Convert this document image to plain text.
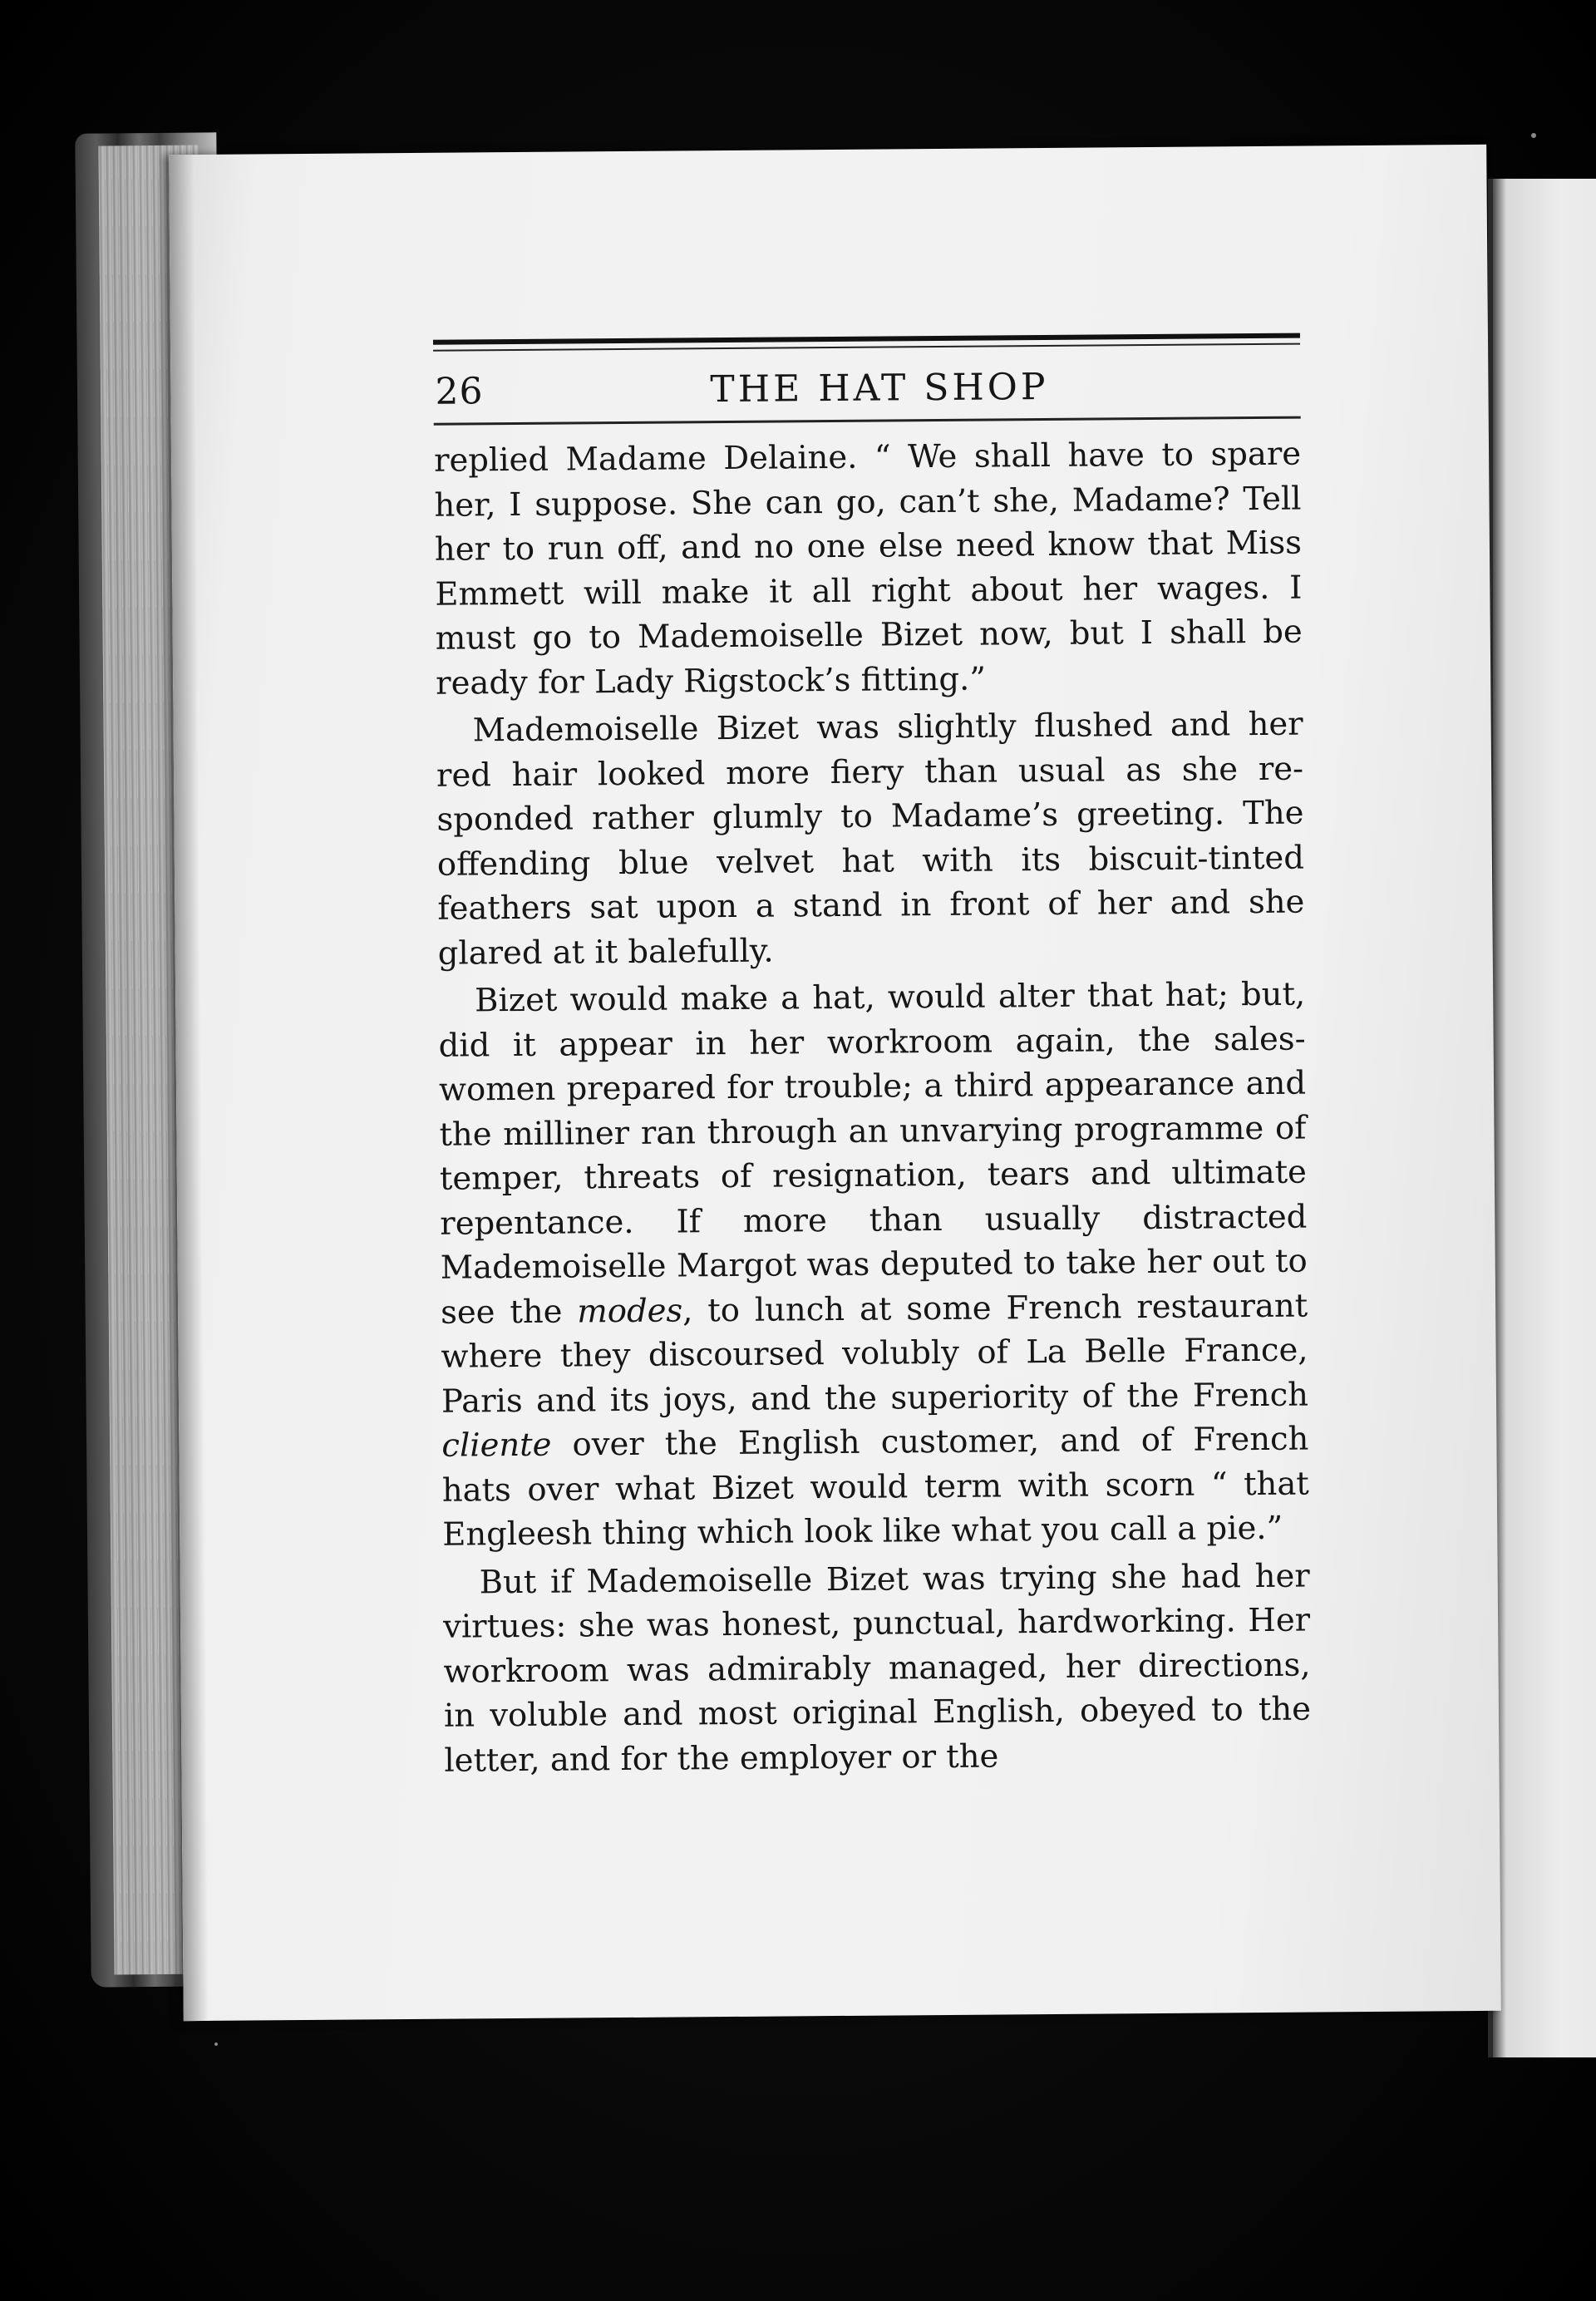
26	THE HAT SHOP

replied Madame Delaine. “ We shall have to spare her, I suppose. She can go, can’t she, Madame? Tell her to run off, and no one else need know that Miss Emmett will make it all right about her wages. I must go to Mademoiselle Bizet now, but I shall be ready for Lady Rigstock’s fitting.”

Mademoiselle Bizet was slightly flushed and her red hair looked more fiery than usual as she responded rather glumly to Madame’s greeting. The offending blue velvet hat with its biscuit-tinted feathers sat upon a stand in front of her and she glared at it balefully.

Bizet would make a hat, would alter that hat; but, did it appear in her workroom again, the saleswomen prepared for trouble; a third appearance and the milliner ran through an unvarying programme of temper, threats of resignation, tears and ultimate repentance. If more than usually distracted Mademoiselle Margot was deputed to take her out to see the modes, to lunch at some French restaurant where they discoursed volubly of La Belle France, Paris and its joys, and the superiority of the French cliente over the English customer, and of French hats over what Bizet would term with scorn “ that Engleesh thing which look like what you call a pie.”

But if Mademoiselle Bizet was trying she had her virtues: she was honest, punctual, hardworking. Her workroom was admirably managed, her directions, in voluble and most original English, obeyed to the letter, and for the employer or the
